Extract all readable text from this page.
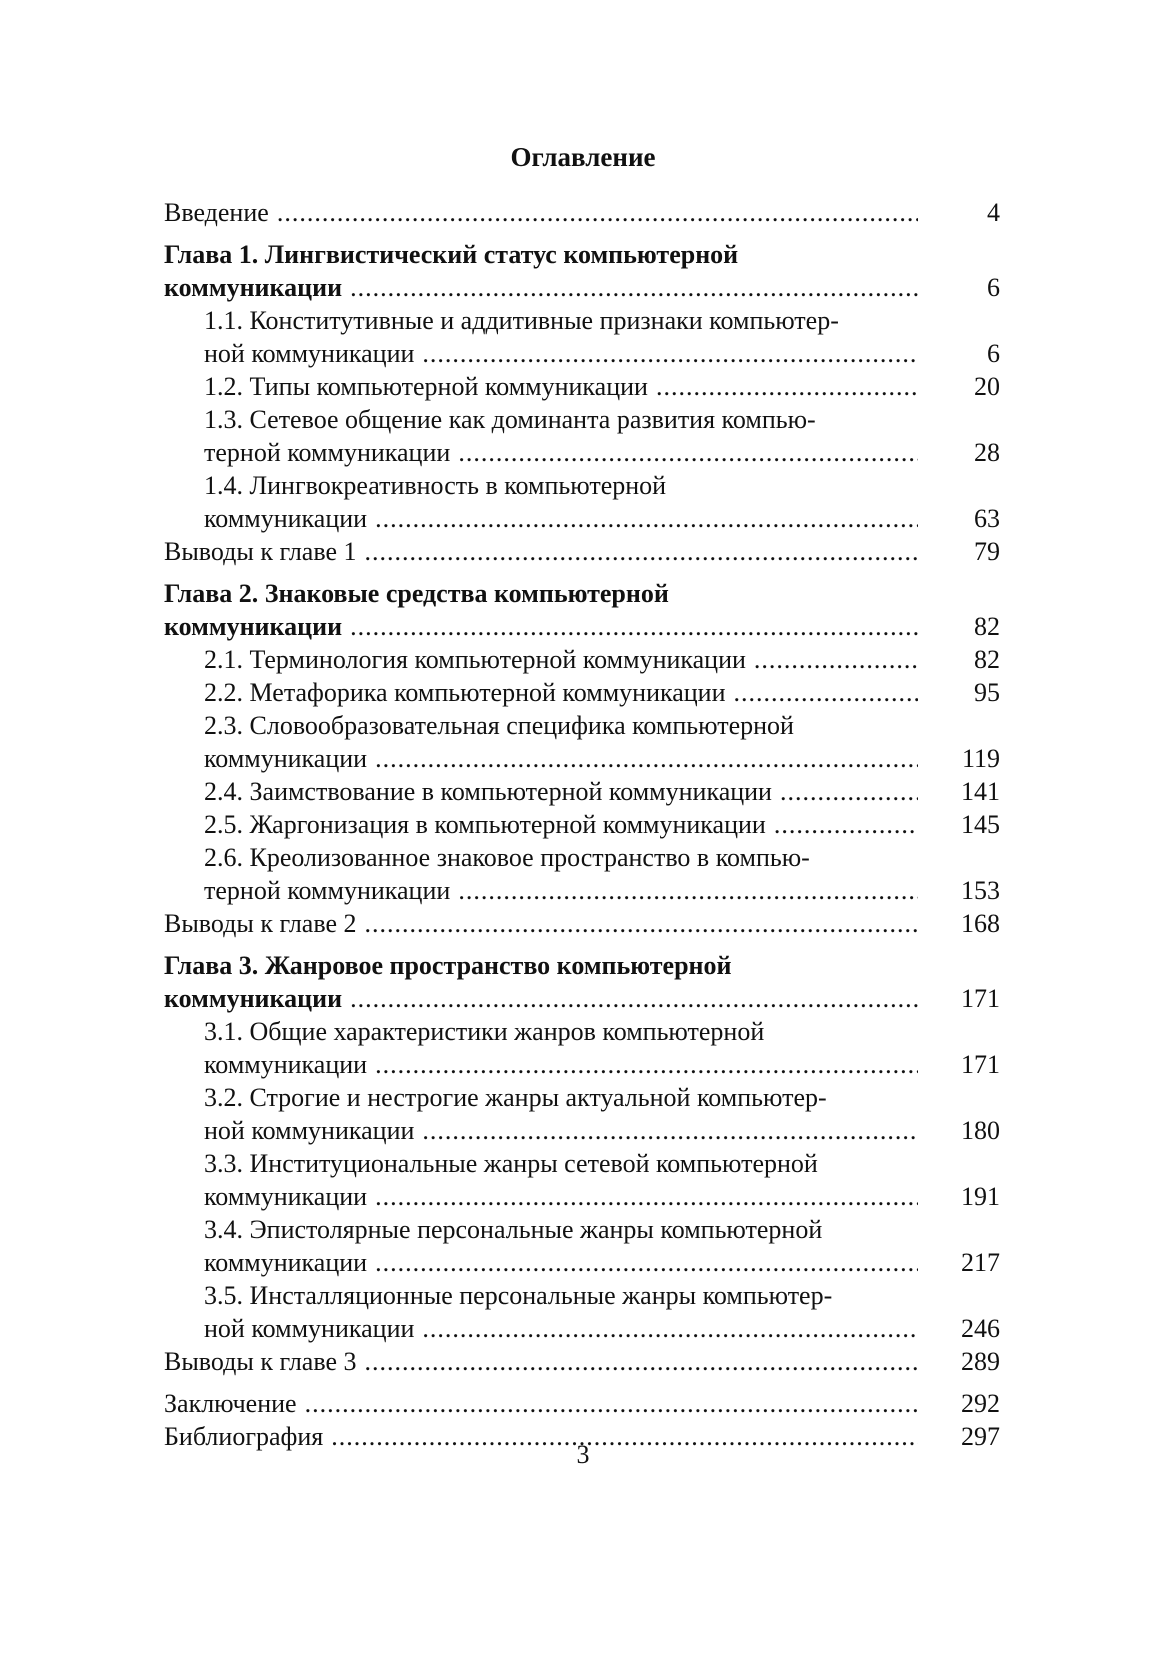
Оглавление
Введение .....	4
Глава 1. Лингвистический статус компьютерной
коммуникации .....	6
1.1. Конститутивные и аддитивные признаки компьютер-
ной коммуникации .....	6
1.2. Типы компьютерной коммуникации .....	20
1.3. Сетевое общение как доминанта развития компью-
терной коммуникации .....	28
1.4. Лингвокреативность в компьютерной
коммуникации .....	63
Выводы к главе 1 .....	79
Глава 2. Знаковые средства компьютерной
коммуникации .....	82
2.1. Терминология компьютерной коммуникации .....	82
2.2. Метафорика компьютерной коммуникации .....	95
2.3. Словообразовательная специфика компьютерной
коммуникации .....	119
2.4. Заимствование в компьютерной коммуникации .....	141
2.5. Жаргонизация в компьютерной коммуникации .....	145
2.6. Креолизованное знаковое пространство в компью-
терной коммуникации .....	153
Выводы к главе 2 .....	168
Глава 3. Жанровое пространство компьютерной
коммуникации .....	171
3.1. Общие характеристики жанров компьютерной
коммуникации .....	171
3.2. Строгие и нестрогие жанры актуальной компьютер-
ной коммуникации .....	180
3.3. Институциональные жанры сетевой компьютерной
коммуникации .....	191
3.4. Эпистолярные персональные жанры компьютерной
коммуникации .....	217
3.5. Инсталляционные персональные жанры компьютер-
ной коммуникации .....	246
Выводы к главе 3 .....	289
Заключение .....	292
Библиография .....	297
3
